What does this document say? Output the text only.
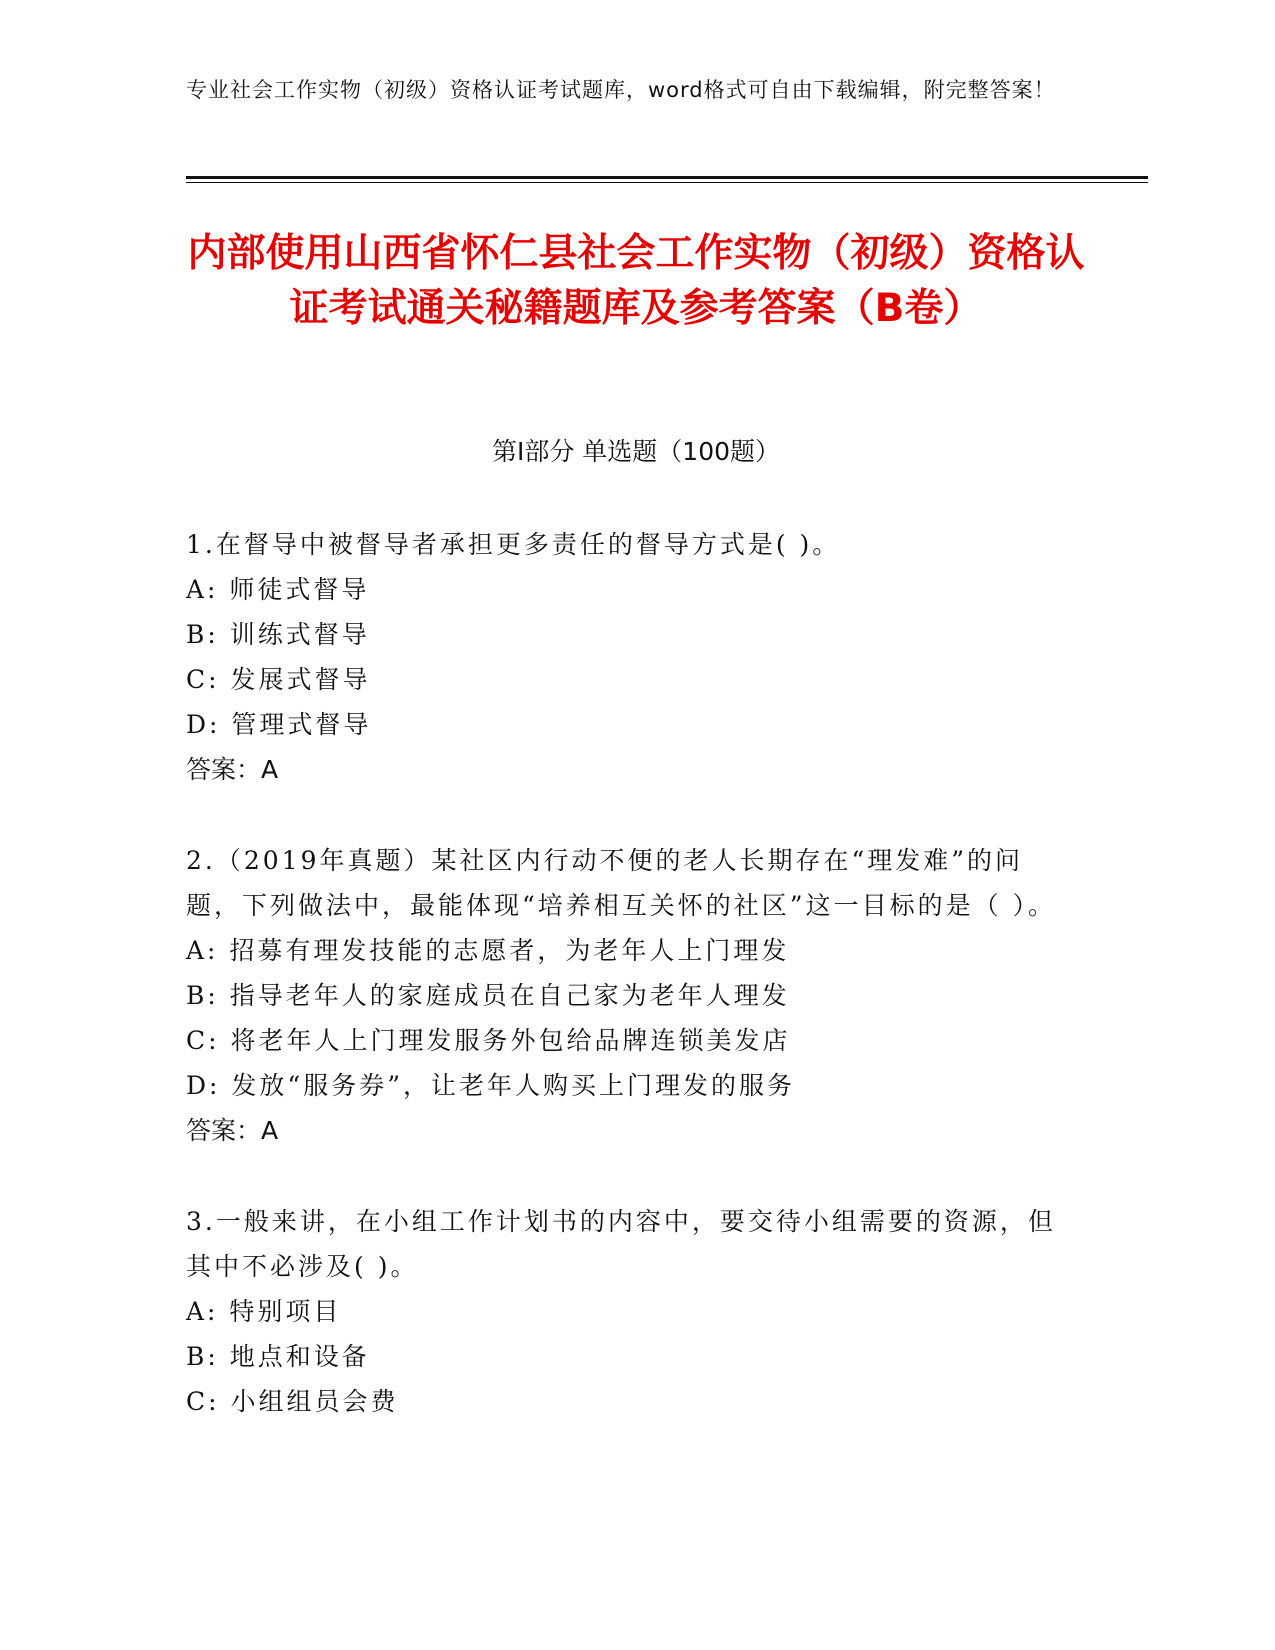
专业社会工作实物（初级）资格认证考试题库，word格式可自由下载编辑，附完整答案！
内部使用山西省怀仁县社会工作实物（初级）资格认证考试通关秘籍题库及参考答案（B卷）
第I部分 单选题（100题）
1.在督导中被督导者承担更多责任的督导方式是( )。
A: 师徒式督导
B: 训练式督导
C: 发展式督导
D: 管理式督导
答案：A
2.（2019年真题）某社区内行动不便的老人长期存在“理发难”的问题，下列做法中，最能体现“培养相互关怀的社区”这一目标的是（ ）。
A: 招募有理发技能的志愿者，为老年人上门理发
B: 指导老年人的家庭成员在自己家为老年人理发
C: 将老年人上门理发服务外包给品牌连锁美发店
D: 发放“服务券”，让老年人购买上门理发的服务
答案：A
3.一般来讲，在小组工作计划书的内容中，要交待小组需要的资源，但其中不必涉及( )。
A: 特别项目
B: 地点和设备
C: 小组组员会费
